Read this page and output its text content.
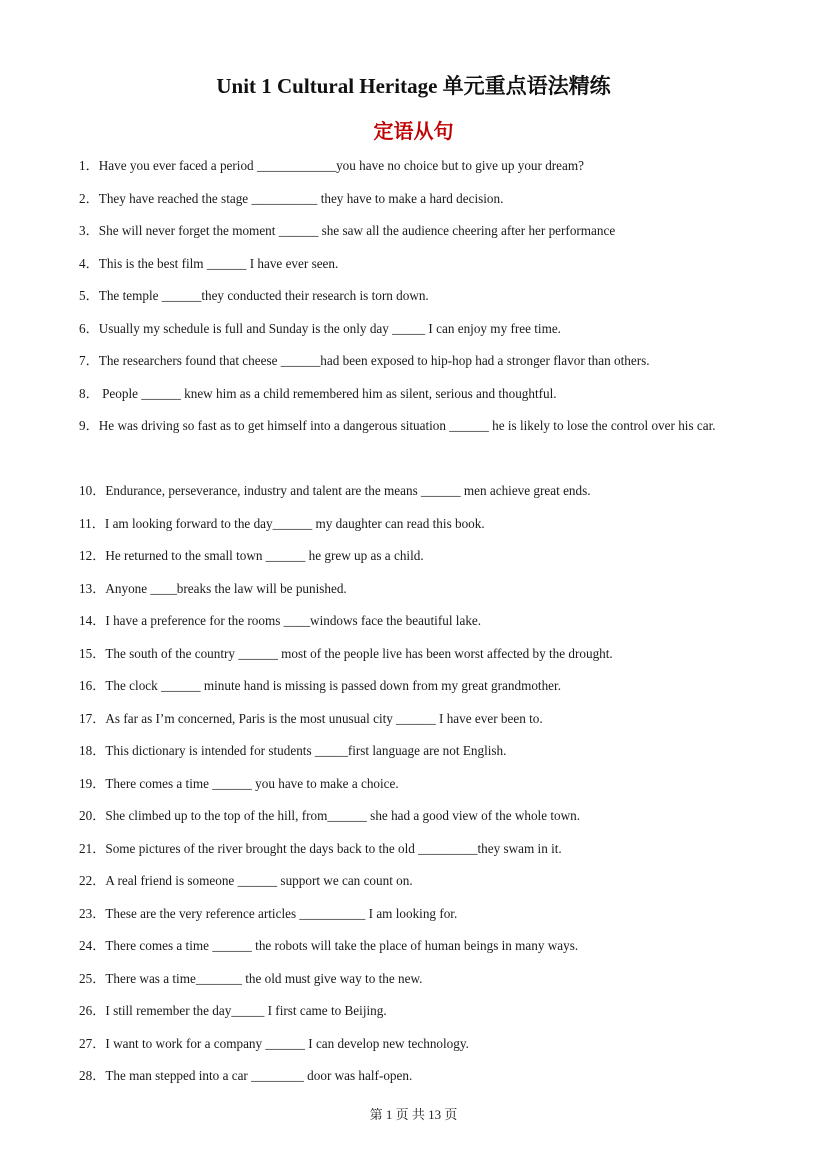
Unit 1 Cultural Heritage 单元重点语法精练
定语从句
1．Have you ever faced a period ____________you have no choice but to give up your dream?
2．They have reached the stage __________ they have to make a hard decision.
3．She will never forget the moment ______ she saw all the audience cheering after her performance
4．This is the best film ______ I have ever seen.
5．The temple ______they conducted their research is torn down.
6．Usually my schedule is full and Sunday is the only day _____ I can enjoy my free time.
7．The researchers found that cheese ______had been exposed to hip-hop had a stronger flavor than others.
8． People ______ knew him as a child remembered him as silent, serious and thoughtful.
9．He was driving so fast as to get himself into a dangerous situation ______ he is likely to lose the control over his car.
10．Endurance, perseverance, industry and talent are the means ______ men achieve great ends.
11．I am looking forward to the day______ my daughter can read this book.
12．He returned to the small town ______ he grew up as a child.
13．Anyone ____breaks the law will be punished.
14．I have a preference for the rooms ____windows face the beautiful lake.
15．The south of the country ______ most of the people live has been worst affected by the drought.
16．The clock ______ minute hand is missing is passed down from my great grandmother.
17．As far as I’m concerned, Paris is the most unusual city ______ I have ever been to.
18．This dictionary is intended for students _____first language are not English.
19．There comes a time ______ you have to make a choice.
20．She climbed up to the top of the hill, from______ she had a good view of the whole town.
21．Some pictures of the river brought the days back to the old _________they swam in it.
22．A real friend is someone ______ support we can count on.
23．These are the very reference articles __________ I am looking for.
24．There comes a time ______ the robots will take the place of human beings in many ways.
25．There was a time_______ the old must give way to the new.
26．I still remember the day_____ I first came to Beijing.
27．I want to work for a company ______ I can develop new technology.
28．The man stepped into a car ________ door was half-open.
第 1 页 共 13 页
